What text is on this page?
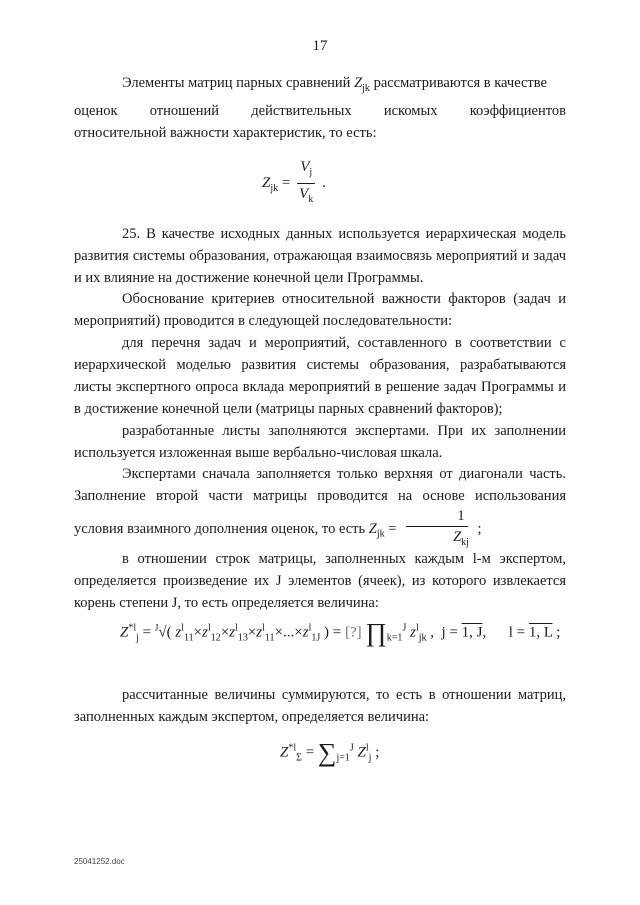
17

Элементы матриц парных сравнений $Z_{jk}$ рассматриваются в качестве
оценок отношений действительных искомых коэффициентов
относительной важности характеристик, то есть:

$Z_{jk} = \frac{V_j}{V_k}$ .

25. В качестве исходных данных используется иерархическая модель развития системы образования, отражающая взаимосвязь мероприятий и задач и их влияние на достижение конечной цели Программы.

Обоснование критериев относительной важности факторов (задач и мероприятий) проводится в следующей последовательности:

для перечня задач и мероприятий, составленного в соответствии с иерархической моделью развития системы образования, разрабатываются листы экспертного опроса вклада мероприятий в решение задач Программы и в достижение конечной цели (матрицы парных сравнений факторов);

разработанные листы заполняются экспертами. При их заполнении используется изложенная выше вербально-числовая шкала.

Экспертами сначала заполняется только верхняя от диагонали часть. Заполнение второй части матрицы проводится на основе использования условия взаимного дополнения оценок, то есть $Z_{jk} = \frac{1}{Z_{kj}}$ ;

в отношении строк матрицы, заполненных каждым l-м экспертом, определяется произведение их J элементов (ячеек), из которого извлекается корень степени J, то есть определяется величина:

$Z^{*l}_j = ^J√$( $z^l_{11}\times z^l_{12}\times z^l_{13}\times z^l_{11}\times...\times z^l_{1J}$ ) = [?] $\prod_{k=1}^J$ $z^l_{jk}$ ,  j = 1, J,      l = 1, L ;

рассчитанные величины суммируются, то есть в отношении матриц, заполненных каждым экспертом, определяется величина:

$Z^{*l}_\Sigma = \sum_{j=1}^J$ $Z^l_j$ ;
25041252.doc
